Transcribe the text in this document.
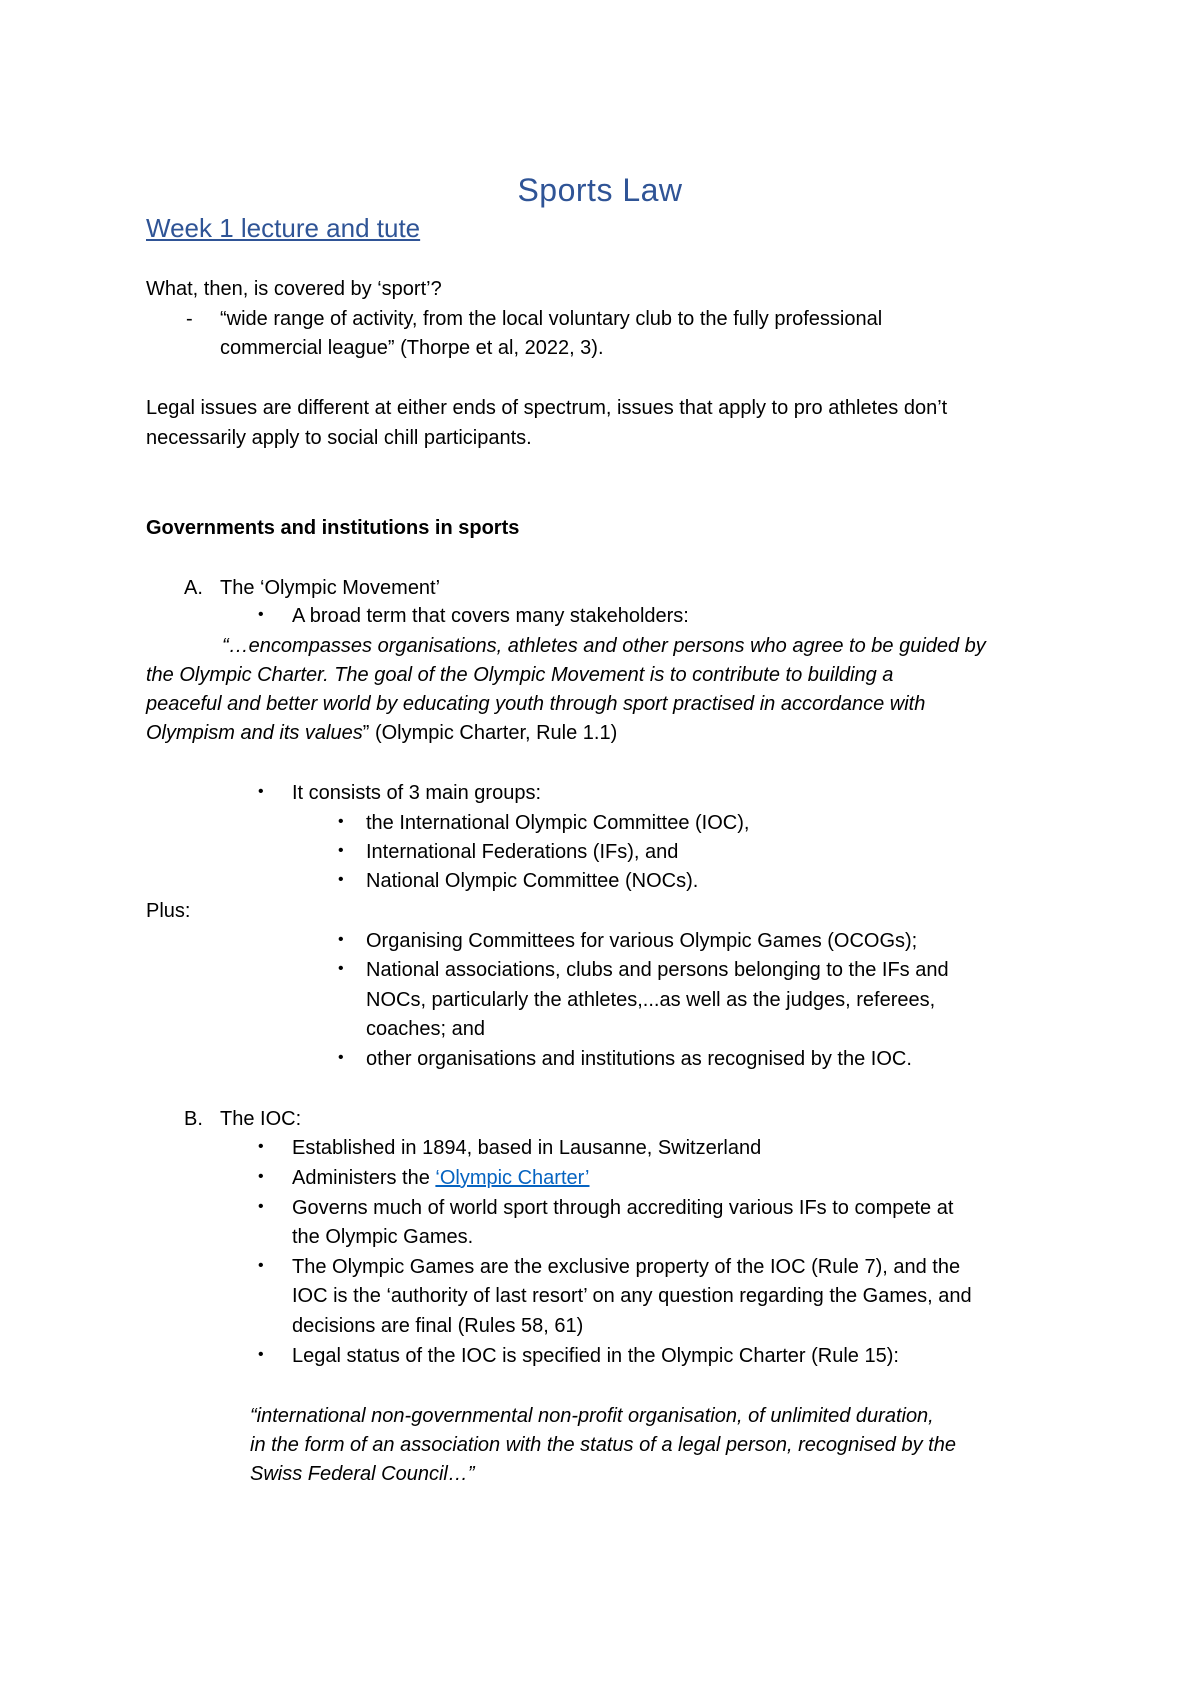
Sports Law
Week 1 lecture and tute
What, then, is covered by ‘sport’?
- “wide range of activity, from the local voluntary club to the fully professional
commercial league” (Thorpe et al, 2022, 3).
Legal issues are different at either ends of spectrum, issues that apply to pro athletes don’t
necessarily apply to social chill participants.
Governments and institutions in sports
A. The ‘Olympic Movement’
• A broad term that covers many stakeholders:
“…encompasses organisations, athletes and other persons who agree to be guided by
the Olympic Charter. The goal of the Olympic Movement is to contribute to building a
peaceful and better world by educating youth through sport practised in accordance with
Olympism and its values” (Olympic Charter, Rule 1.1)
• It consists of 3 main groups:
• the International Olympic Committee (IOC),
• International Federations (IFs), and
• National Olympic Committee (NOCs).
Plus:
• Organising Committees for various Olympic Games (OCOGs);
• National associations, clubs and persons belonging to the IFs and
NOCs, particularly the athletes,...as well as the judges, referees,
coaches; and
• other organisations and institutions as recognised by the IOC.
B. The IOC:
• Established in 1894, based in Lausanne, Switzerland
• Administers the ‘Olympic Charter’
• Governs much of world sport through accrediting various IFs to compete at
the Olympic Games.
• The Olympic Games are the exclusive property of the IOC (Rule 7), and the
IOC is the ‘authority of last resort’ on any question regarding the Games, and
decisions are final (Rules 58, 61)
• Legal status of the IOC is specified in the Olympic Charter (Rule 15):
“international non-governmental non-profit organisation, of unlimited duration,
in the form of an association with the status of a legal person, recognised by the
Swiss Federal Council…”
